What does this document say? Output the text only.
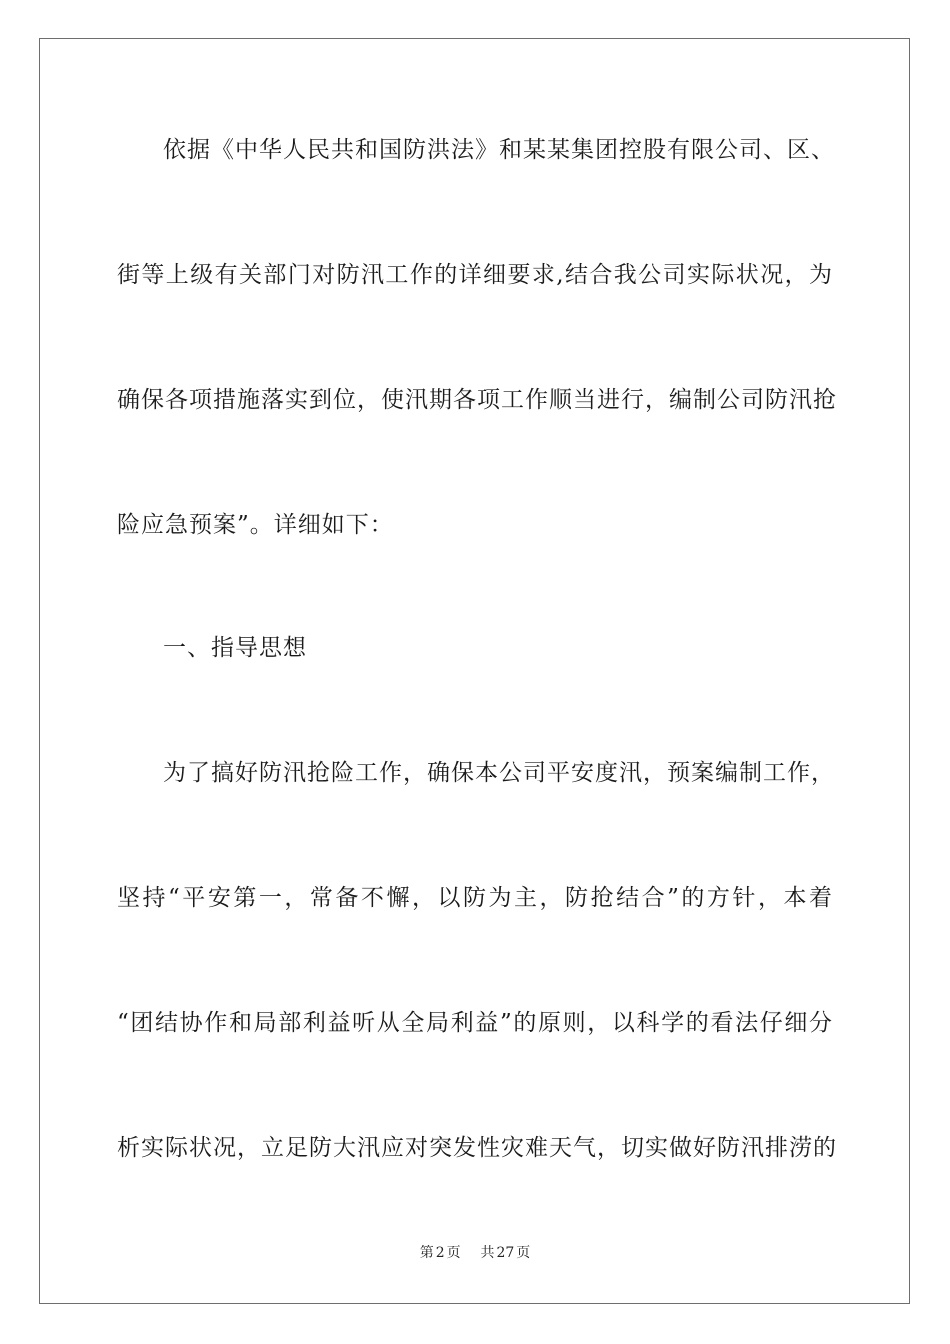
依据《中华人民共和国防洪法》和某某集团控股有限公司、区、
街等上级有关部门对防汛工作的详细要求,结合我公司实际状况，为
确保各项措施落实到位，使汛期各项工作顺当进行，编制公司防汛抢
险应急预案”。详细如下：
一、指导思想
为了搞好防汛抢险工作，确保本公司平安度汛，预案编制工作，
坚持“平安第一，常备不懈，以防为主，防抢结合”的方针，本着
“团结协作和局部利益听从全局利益”的原则，以科学的看法仔细分
析实际状况，立足防大汛应对突发性灾难天气，切实做好防汛排涝的
第 2 页 共 27 页
